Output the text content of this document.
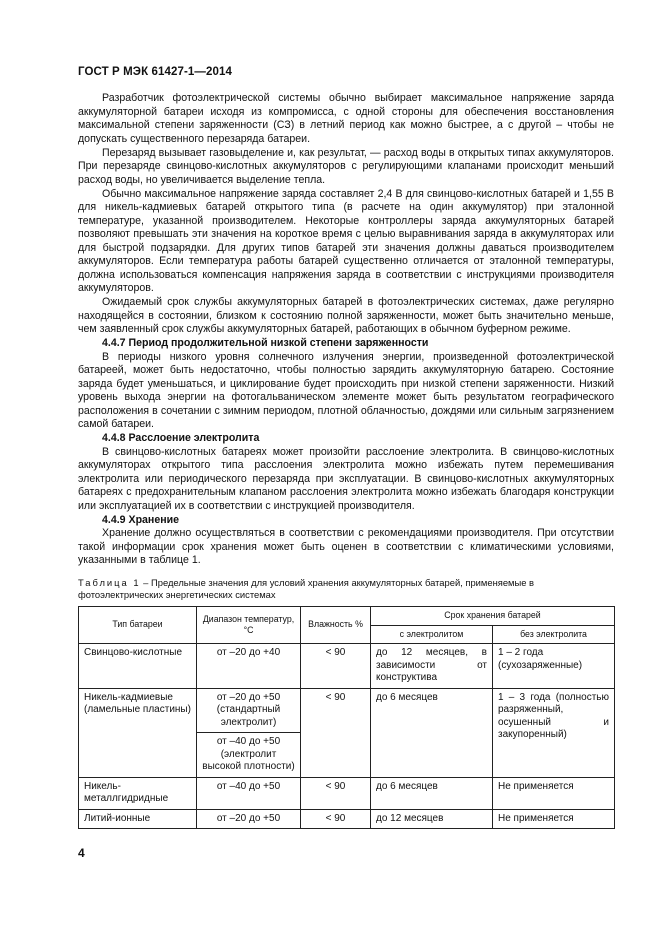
ГОСТ Р МЭК 61427-1—2014

Разработчик фотоэлектрической системы обычно выбирает максимальное напряжение заряда аккумуляторной батареи исходя из компромисса, с одной стороны для обеспечения восстановления максимальной степени заряженности (СЗ) в летний период как можно быстрее, а с другой – чтобы не допускать существенного перезаряда батареи.

Перезаряд вызывает газовыделение и, как результат, — расход воды в открытых типах аккумуляторов. При перезаряде свинцово-кислотных аккумуляторов с регулирующими клапанами происходит меньший расход воды, но увеличивается выделение тепла.

Обычно максимальное напряжение заряда составляет 2,4 В для свинцово-кислотных батарей и 1,55 В для никель-кадмиевых батарей открытого типа (в расчете на один аккумулятор) при эталонной температуре, указанной производителем. Некоторые контроллеры заряда аккумуляторных батарей позволяют превышать эти значения на короткое время с целью выравнивания заряда в аккумуляторах или для быстрой подзарядки. Для других типов батарей эти значения должны даваться производителем аккумуляторов. Если температура работы батарей существенно отличается от эталонной температуры, должна использоваться компенсация напряжения заряда в соответствии с инструкциями производителя аккумуляторов.

Ожидаемый срок службы аккумуляторных батарей в фотоэлектрических системах, даже регулярно находящейся в состоянии, близком к состоянию полной заряженности, может быть значительно меньше, чем заявленный срок службы аккумуляторных батарей, работающих в обычном буферном режиме.

4.4.7 Период продолжительной низкой степени заряженности

В периоды низкого уровня солнечного излучения энергии, произведенной фотоэлектрической батареей, может быть недостаточно, чтобы полностью зарядить аккумуляторную батарею. Состояние заряда будет уменьшаться, и циклирование будет происходить при низкой степени заряженности. Низкий уровень выхода энергии на фотогальваническом элементе может быть результатом географического расположения в сочетании с зимним периодом, плотной облачностью, дождями или сильным загрязнением самой батареи.

4.4.8 Расслоение электролита

В свинцово-кислотных батареях может произойти расслоение электролита. В свинцово-кислотных аккумуляторах открытого типа расслоения электролита можно избежать путем перемешивания электролита или периодического перезаряда при эксплуатации. В свинцово-кислотных аккумуляторных батареях с предохранительным клапаном расслоения электролита можно избежать благодаря конструкции или эксплуатацией их в соответствии с инструкцией производителя.

4.4.9 Хранение

Хранение должно осуществляться в соответствии с рекомендациями производителя. При отсутствии такой информации срок хранения может быть оценен в соответствии с климатическими условиями, указанными в таблице 1.

Таблица 1 – Предельные значения для условий хранения аккумуляторных батарей, применяемые в фотоэлектрических энергетических системах
Тип батареи	Диапазон температур, °C	Влажность %	Срок хранения батарей	
			с электролитом	без электролита
Свинцово-кислотные	от –20 до +40	< 90	до 12 месяцев, в зависимости от конструктива	1 – 2 года (сухозаряженные)
Никель-кадмиевые (ламельные пластины)	от –20 до +50 (стандартный электролит)	< 90	до 6 месяцев	1 – 3 года (полностью разряженный, осушенный и закупоренный)
	от –40 до +50 (электролит высокой плотности)			
Никель-металлгидридные	от –40 до +50	< 90	до 6 месяцев	Не применяется
Литий-ионные	от –20 до +50	< 90	до 12 месяцев	Не применяется
4
